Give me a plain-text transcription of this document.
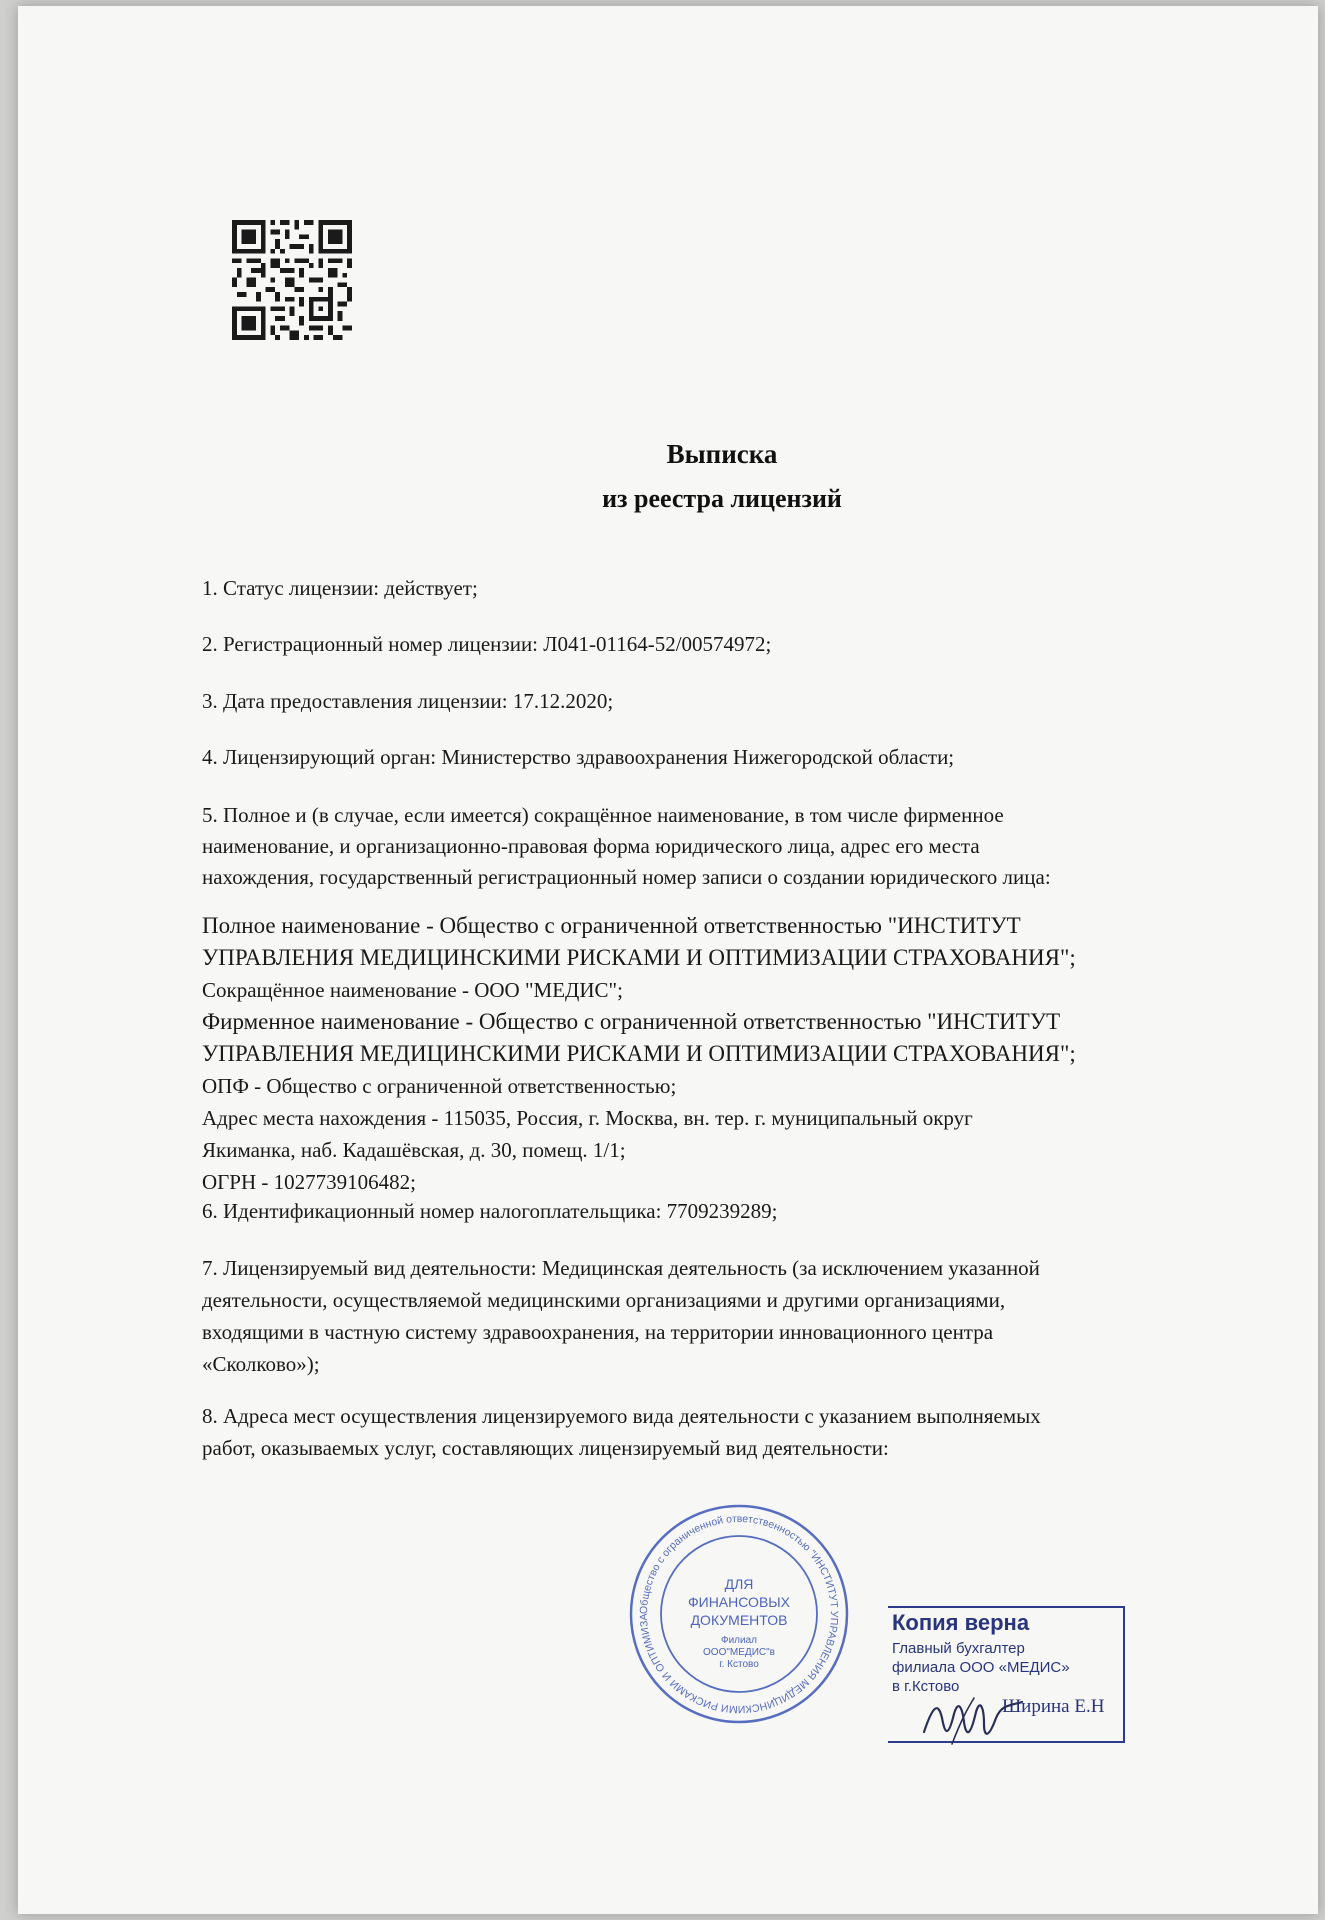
Выписка
из реестра лицензий
1. Статус лицензии: действует;
2. Регистрационный номер лицензии: Л041-01164-52/00574972;
3. Дата предоставления лицензии: 17.12.2020;
4. Лицензирующий орган: Министерство здравоохранения Нижегородской области;
5. Полное и (в случае, если имеется) сокращённое наименование, в том числе фирменное
наименование, и организационно-правовая форма юридического лица, адрес его места
нахождения, государственный регистрационный номер записи о создании юридического лица:
Полное наименование - Общество с ограниченной ответственностью "ИНСТИТУТ
УПРАВЛЕНИЯ МЕДИЦИНСКИМИ РИСКАМИ И ОПТИМИЗАЦИИ СТРАХОВАНИЯ";
Сокращённое наименование - ООО "МЕДИС";
Фирменное наименование - Общество с ограниченной ответственностью "ИНСТИТУТ
УПРАВЛЕНИЯ МЕДИЦИНСКИМИ РИСКАМИ И ОПТИМИЗАЦИИ СТРАХОВАНИЯ";
ОПФ - Общество с ограниченной ответственностью;
Адрес места нахождения - 115035, Россия, г. Москва, вн. тер. г. муниципальный округ
Якиманка, наб. Кадашёвская, д. 30, помещ. 1/1;
ОГРН - 1027739106482;
6. Идентификационный номер налогоплательщика: 7709239289;
7. Лицензируемый вид деятельности: Медицинская деятельность (за исключением указанной
деятельности, осуществляемой медицинскими организациями и другими организациями,
входящими в частную систему здравоохранения, на территории инновационного центра
«Сколково»);
8. Адреса мест осуществления лицензируемого вида деятельности с указанием выполняемых
работ, оказываемых услуг, составляющих лицензируемый вид деятельности:
Общество с ограниченной ответственностью "ИНСТИТУТ УПРАВЛЕНИЯ МЕДИЦИНСКИМИ РИСКАМИ И ОПТИМИЗА
ДЛЯ
ФИНАНСОВЫХ
ДОКУМЕНТОВ
Филиал
ООО"МЕДИС"в
г. Кстово
Копия верна
Главный бухгалтер
филиала ООО «МЕДИС»
в г.Кстово
Ширина Е.Н
